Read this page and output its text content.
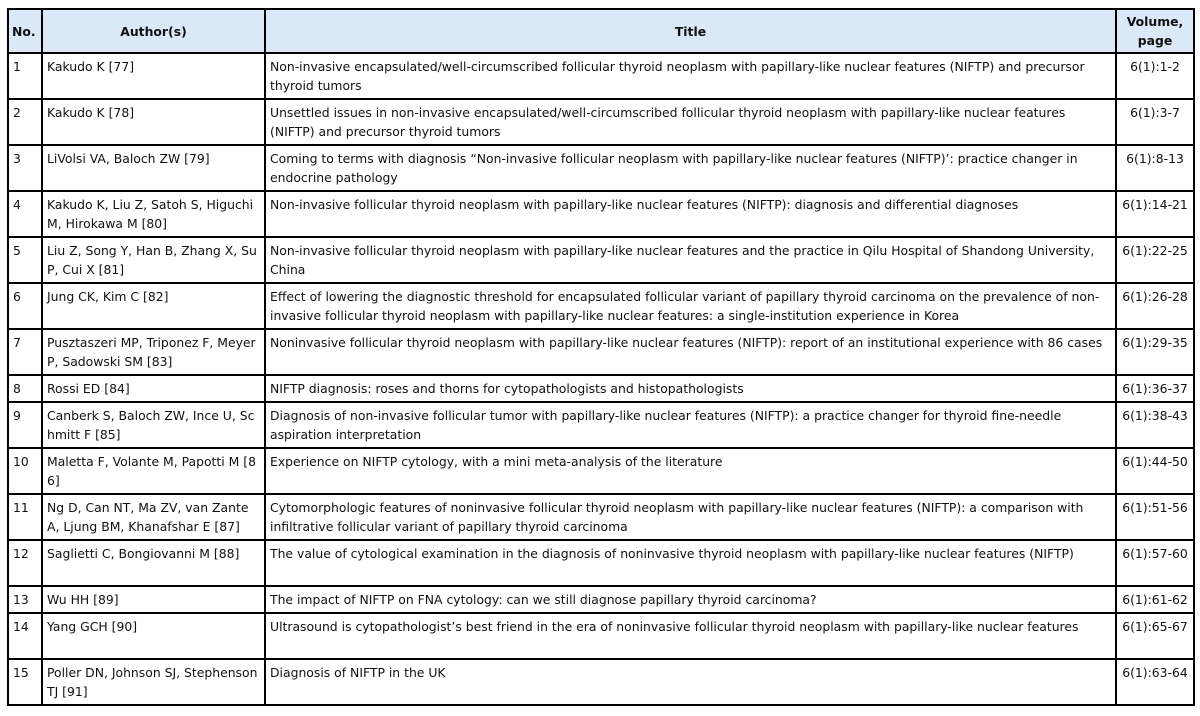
No.	Author(s)	Title	Volume, page
1	Kakudo K [77]	Non-invasive encapsulated/well-circumscribed follicular thyroid neoplasm with papillary-like nuclear features (NIFTP) and precursor thyroid tumors	6(1):1-2
2	Kakudo K [78]	Unsettled issues in non-invasive encapsulated/well-circumscribed follicular thyroid neoplasm with papillary-like nuclear features (NIFTP) and precursor thyroid tumors	6(1):3-7
3	LiVolsi VA, Baloch ZW [79]	Coming to terms with diagnosis “Non-invasive follicular neoplasm with papillary-like nuclear features (NIFTP)’: practice changer in endocrine pathology	6(1):8-13
4	Kakudo K, Liu Z, Satoh S, Higuchi M, Hirokawa M [80]	Non-invasive follicular thyroid neoplasm with papillary-like nuclear features (NIFTP): diagnosis and differential diagnoses	6(1):14-21
5	Liu Z, Song Y, Han B, Zhang X, Su P, Cui X [81]	Non-invasive follicular thyroid neoplasm with papillary-like nuclear features and the practice in Qilu Hospital of Shandong University, China	6(1):22-25
6	Jung CK, Kim C [82]	Effect of lowering the diagnostic threshold for encapsulated follicular variant of papillary thyroid carcinoma on the prevalence of non-invasive follicular thyroid neoplasm with papillary-like nuclear features: a single-institution experience in Korea	6(1):26-28
7	Pusztaszeri MP, Triponez F, Meyer P, Sadowski SM [83]	Noninvasive follicular thyroid neoplasm with papillary-like nuclear features (NIFTP): report of an institutional experience with 86 cases	6(1):29-35
8	Rossi ED [84]	NIFTP diagnosis: roses and thorns for cytopathologists and histopathologists	6(1):36-37
9	Canberk S, Baloch ZW, Ince U, Schmitt F [85]	Diagnosis of non-invasive follicular tumor with papillary-like nuclear features (NIFTP): a practice changer for thyroid fine-needle aspiration interpretation	6(1):38-43
10	Maletta F, Volante M, Papotti M [86]	Experience on NIFTP cytology, with a mini meta-analysis of the literature	6(1):44-50
11	Ng D, Can NT, Ma ZV, van Zante A, Ljung BM, Khanafshar E [87]	Cytomorphologic features of noninvasive follicular thyroid neoplasm with papillary-like nuclear features (NIFTP): a comparison with infiltrative follicular variant of papillary thyroid carcinoma	6(1):51-56
12	Saglietti C, Bongiovanni M [88]	The value of cytological examination in the diagnosis of noninvasive thyroid neoplasm with papillary-like nuclear features (NIFTP)	6(1):57-60
13	Wu HH [89]	The impact of NIFTP on FNA cytology: can we still diagnose papillary thyroid carcinoma?	6(1):61-62
14	Yang GCH [90]	Ultrasound is cytopathologist’s best friend in the era of noninvasive follicular thyroid neoplasm with papillary-like nuclear features	6(1):65-67
15	Poller DN, Johnson SJ, Stephenson TJ [91]	Diagnosis of NIFTP in the UK	6(1):63-64
